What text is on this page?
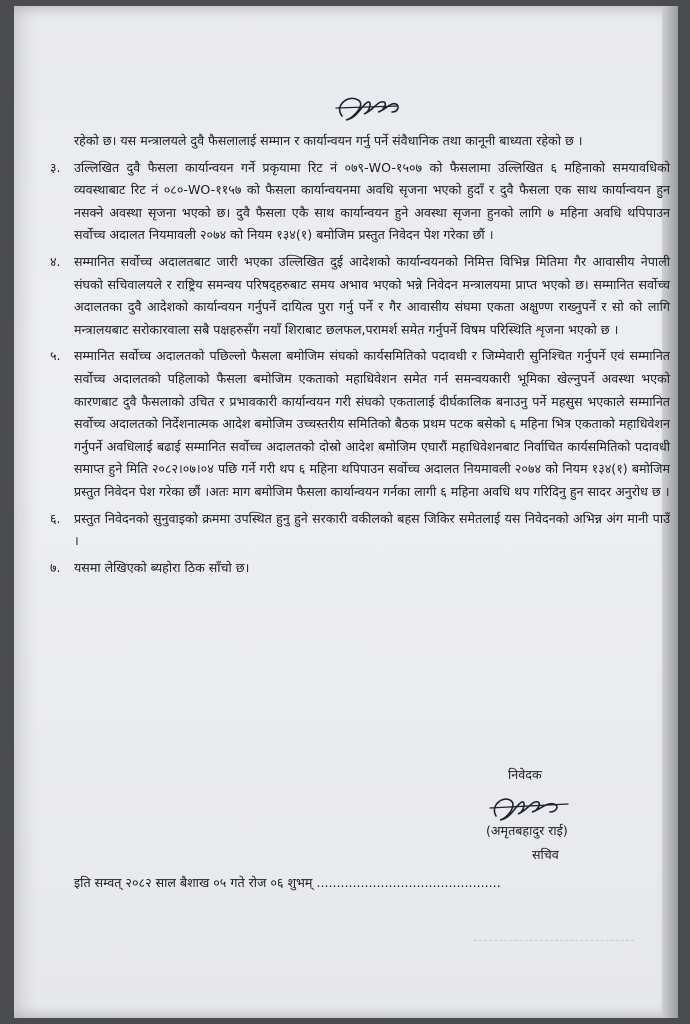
रहेको छ। यस मन्त्रालयले दुवै फैसलालाई सम्मान र कार्यान्वयन गर्नु पर्ने संवैधानिक तथा कानूनी बाध्यता रहेको छ ।

३.	उल्लिखित दुवै फैसला कार्यान्वयन गर्ने प्रकृयामा रिट नं ०७९-WO-१५०७ को फैसलामा उल्लिखित ६ महिनाको समयावधिको व्यवस्थाबाट रिट नं ०८०-WO-११५७ को फैसला कार्यान्वयनमा अवधि सृजना भएको हुदाँ र दुवै फैसला एक साथ कार्यान्वयन हुन नसक्ने अवस्था सृजना भएको छ। दुवै फैसला एकै साथ कार्यान्वयन हुने अवस्था सृजना हुनको लागि ७ महिना अवधि थपिपाउन सर्वोच्च अदालत नियमावली २०७४ को नियम १३४(१) बमोजिम प्रस्तुत निवेदन पेश गरेका छौं ।
४.	सम्मानित सर्वोच्च अदालतबाट जारी भएका उल्लिखित दुई आदेशको कार्यान्वयनको निमित्त विभिन्न मितिमा गैर आवासीय नेपाली संघको सचिवालयले र राष्ट्रिय समन्वय परिषद्हरुबाट समय अभाव भएको भन्ने निवेदन मन्त्रालयमा प्राप्त भएको छ। सम्मानित सर्वोच्च अदालतका दुवै आदेशको कार्यान्वयन गर्नुपर्ने दायित्व पुरा गर्नु पर्ने र गैर आवासीय संघमा एकता अक्षुण्ण राख्नुपर्ने र सो को लागि मन्त्रालयबाट सरोकारवाला सबै पक्षहरुसँग नयाँ शिराबाट छलफल,परामर्श समेत गर्नुपर्ने विषम परिस्थिति शृजना भएको छ ।
५.	सम्मानित सर्वोच्च अदालतको पछिल्लो फैसला बमोजिम संघको कार्यसमितिको पदावधी र जिम्मेवारी सुनिश्चित गर्नुपर्ने एवं सम्मानित सर्वोच्च अदालतको पहिलाको फैसला बमोजिम एकताको महाधिवेशन समेत गर्न समन्वयकारी भूमिका खेल्नुपर्ने अवस्था भएको कारणबाट दुवै फैसलाको उचित र प्रभावकारी कार्यान्वयन गरी संघको एकतालाई दीर्घकालिक बनाउनु पर्ने महसुस भएकाले सम्मानित सर्वोच्च अदालतको निर्देशनात्मक आदेश बमोजिम उच्चस्तरीय समितिको बैठक प्रथम पटक बसेको ६ महिना भित्र एकताको महाधिवेशन गर्नुपर्ने अवधिलाई बढाई सम्मानित सर्वोच्च अदालतको दोस्रो आदेश बमोजिम एघारौं महाधिवेशनबाट निर्वाचित कार्यसमितिको पदावधी समाप्त हुने मिति २०८२।०७।०४ पछि गर्ने गरी थप ६ महिना थपिपाउन सर्वोच्च अदालत नियमावली २०७४ को नियम १३४(१) बमोजिम प्रस्तुत निवेदन पेश गरेका छौं ।अतः माग बमोजिम फैसला कार्यान्वयन गर्नका लागी ६ महिना अवधि थप गरिदिनु हुन सादर अनुरोध छ ।
६.	प्रस्तुत निवेदनको सुनुवाइको क्रममा उपस्थित हुनु हुने सरकारी वकीलको बहस जिकिर समेतलाई यस निवेदनको अभिन्न अंग मानी पाउँ ।
७.	यसमा लेखिएको ब्यहोरा ठिक साँचो छ।
निवेदक
(अमृतबहादुर राई)
सचिव
इति सम्वत् २०८२ साल बैशाख ०५ गते रोज ०६ शुभम् ..............................................
